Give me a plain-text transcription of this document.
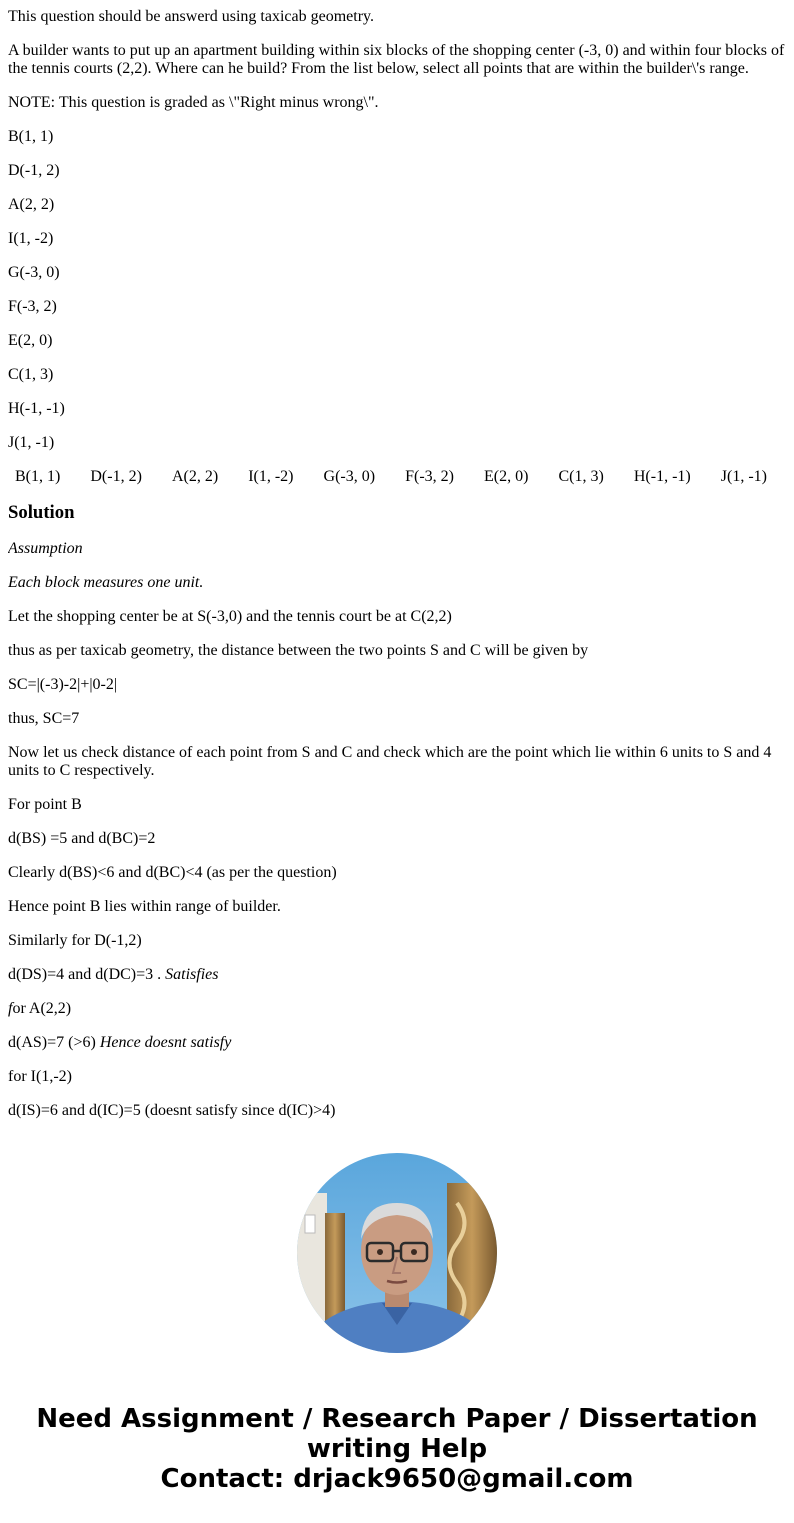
This question should be answerd using taxicab geometry.

A builder wants to put up an apartment building within six blocks of the shopping center (-3, 0) and within four blocks of the tennis courts (2,2). Where can he build? From the list below, select all points that are within the builder\'s range.

NOTE: This question is graded as \"Right minus wrong\".

B(1, 1)

D(-1, 2)

A(2, 2)

I(1, -2)

G(-3, 0)

F(-3, 2)

E(2, 0)

C(1, 3)

H(-1, -1)

J(1, -1)

B(1, 1) D(-1, 2) A(2, 2) I(1, -2) G(-3, 0) F(-3, 2) E(2, 0) C(1, 3) H(-1, -1) J(1, -1)
Solution

Assumption

Each block measures one unit.

Let the shopping center be at S(-3,0) and the tennis court be at C(2,2)

thus as per taxicab geometry, the distance between the two points S and C will be given by

SC=|(-3)-2|+|0-2|

thus, SC=7

Now let us check distance of each point from S and C and check which are the point which lie within 6 units to S and 4 units to C respectively.

For point B

d(BS) =5 and d(BC)=2

Clearly d(BS)<6 and d(BC)<4 (as per the question)

Hence point B lies within range of builder.

Similarly for D(-1,2)

d(DS)=4 and d(DC)=3 . Satisfies

for A(2,2)

d(AS)=7 (>6) Hence doesnt satisfy

for I(1,-2)

d(IS)=6 and d(IC)=5 (doesnt satisfy since d(IC)>4)

Need Assignment / Research Paper / Dissertation
writing Help
Contact: drjack9650@gmail.com
